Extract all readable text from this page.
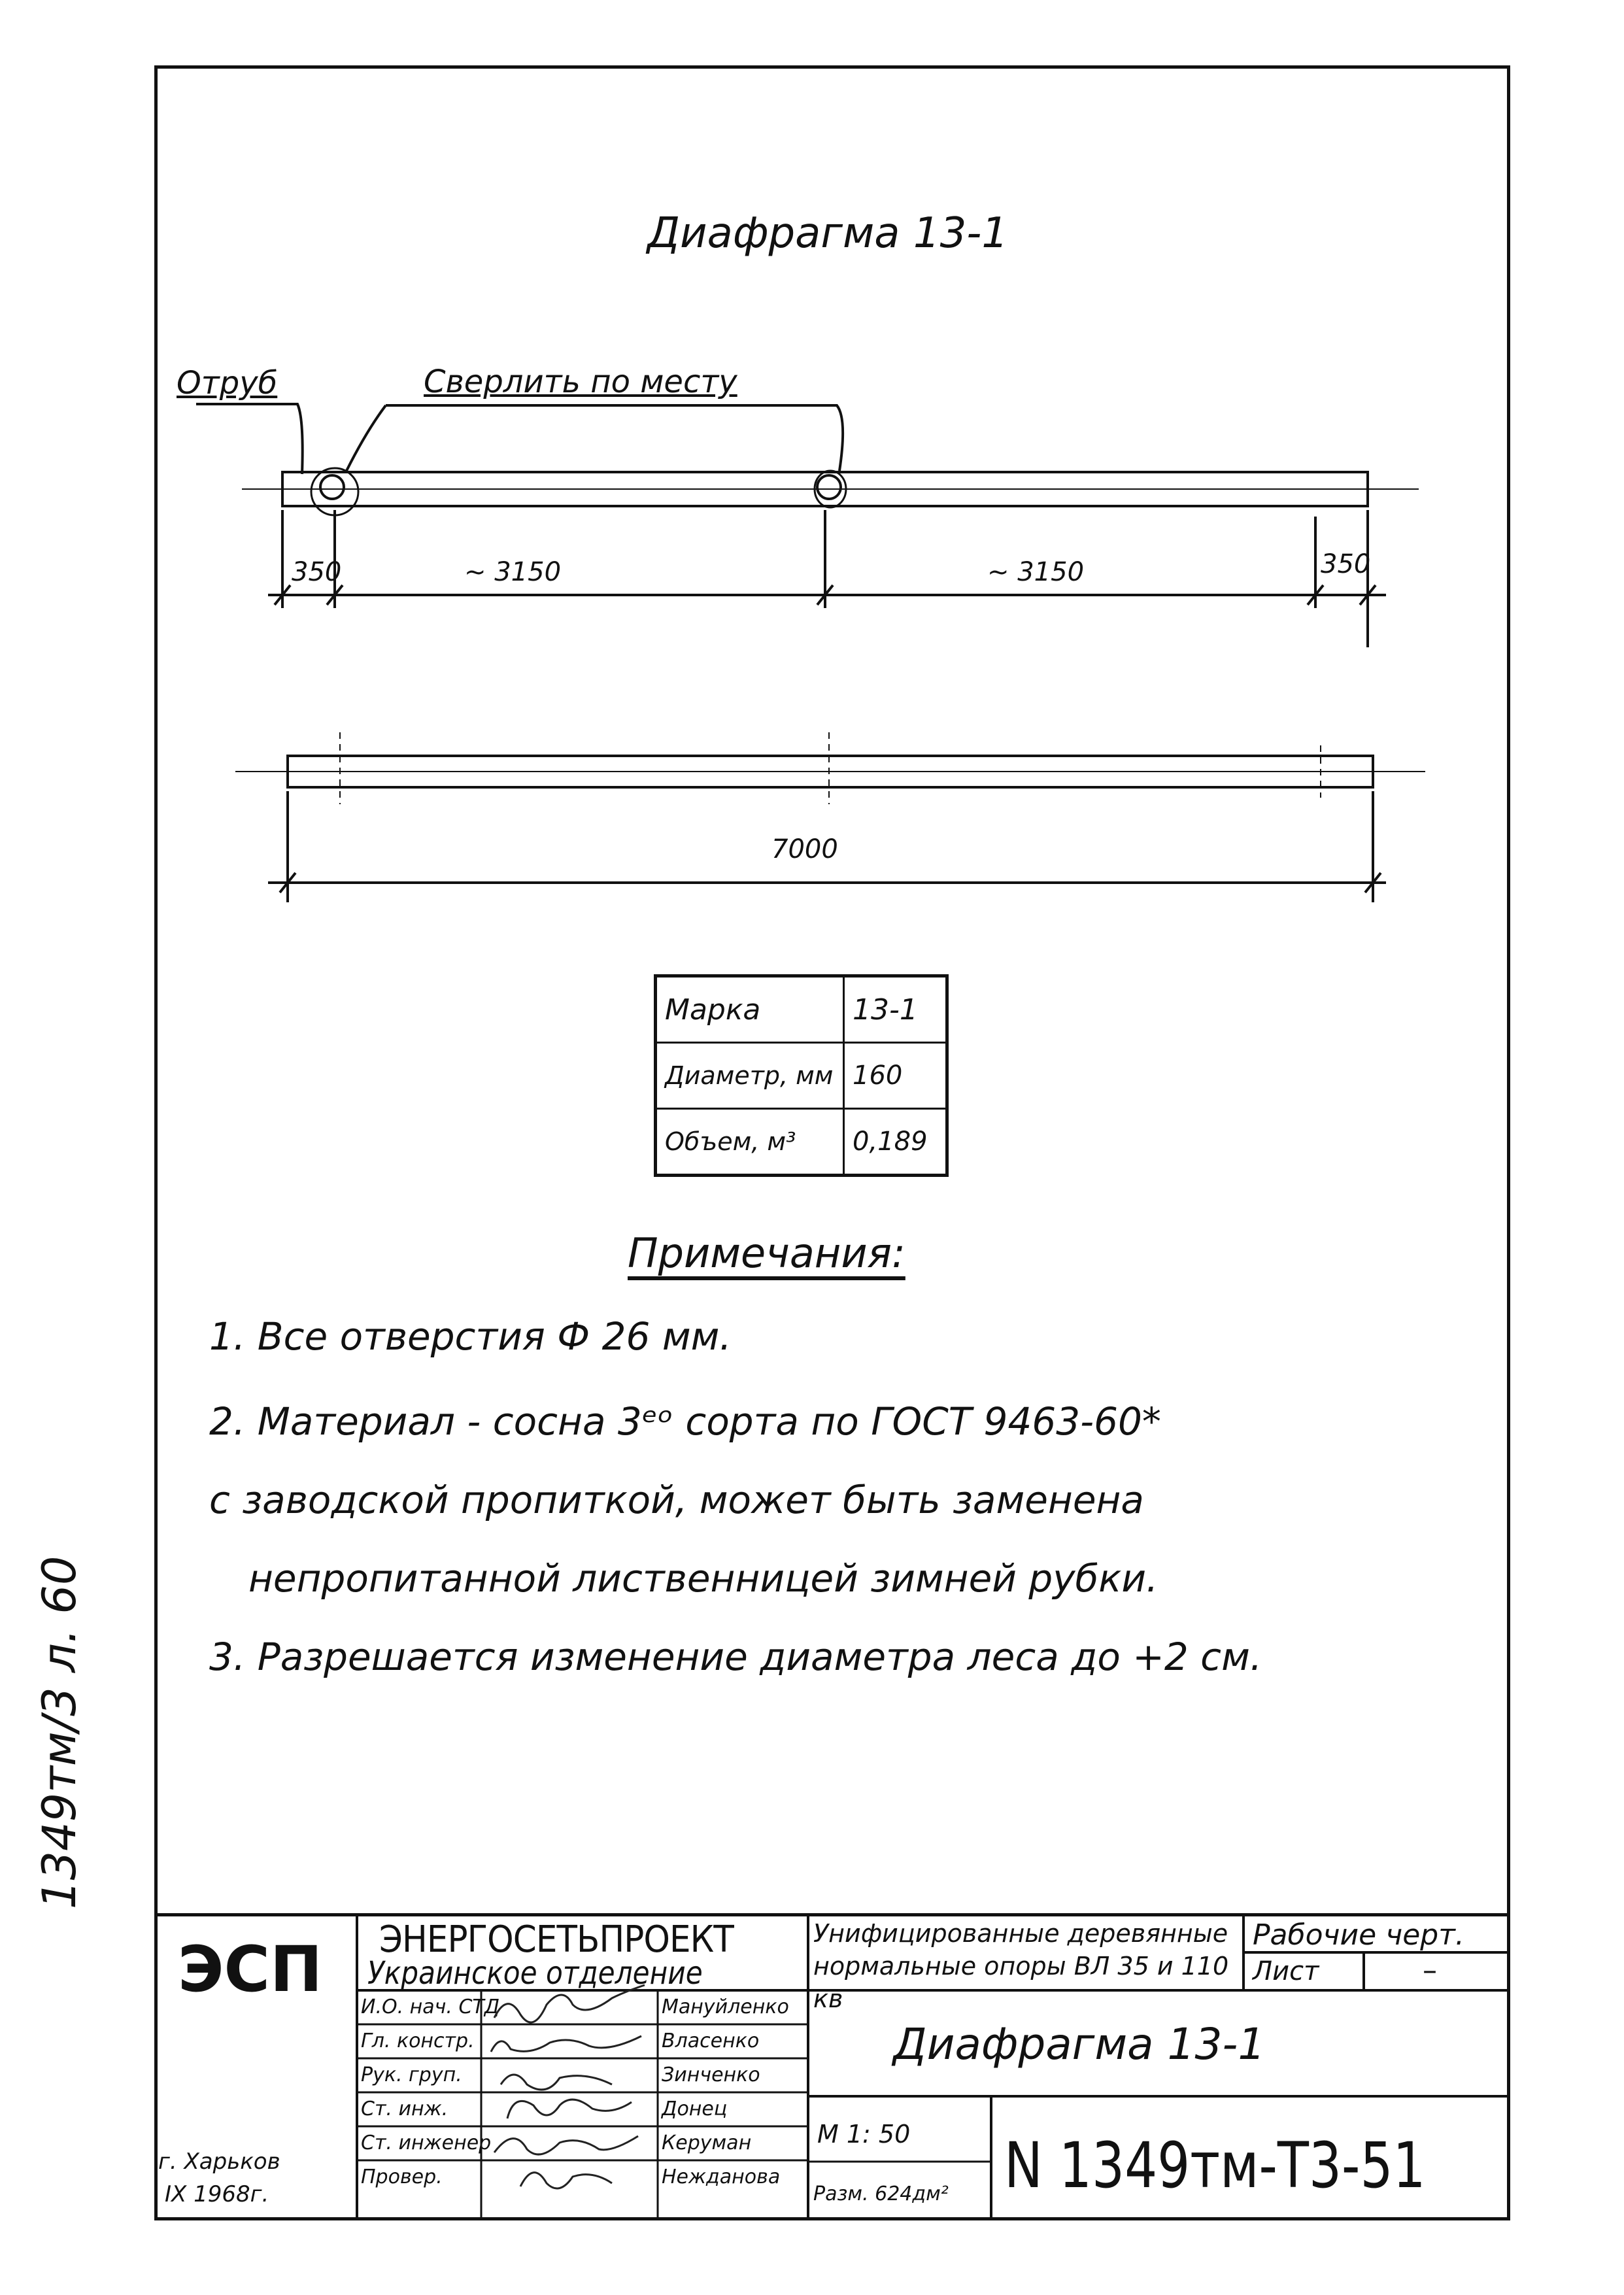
Диафрагма 13-1
Отруб	Сверлить по месту
350	~ 3150	~ 3150	350
7000
Марка	13-1
Диаметр, мм	160
Объем, м³	0,189
Примечания:
1. Все отверстия Ф 26 мм.
2. Материал - сосна 3ᵉᵒ сорта по ГОСТ 9463-60*
с заводской пропиткой, может быть заменена
непропитанной лиственницей зимней рубки.
3. Разрешается изменение диаметра леса до +2 см.
1349тм/3 л. 60
ЭСП ЭНЕРГОСЕТЬПРОЕКТ
Украинское отделение
Унифицированные деревянные нормальные опоры ВЛ 35 и 110 кв
Рабочие черт.
Лист	–
Диафрагма 13-1
И.О. нач. СТД	Мануйленко
Гл. констр.	Власенко
Рук. груп.	Зинченко
Ст. инж.	Донец
Ст. инженер	Керуман
Провер.	Нежданова
г. Харьков
IX 1968г.
М 1: 50
Разм. 624дм² N 1349тм-Т3-51
